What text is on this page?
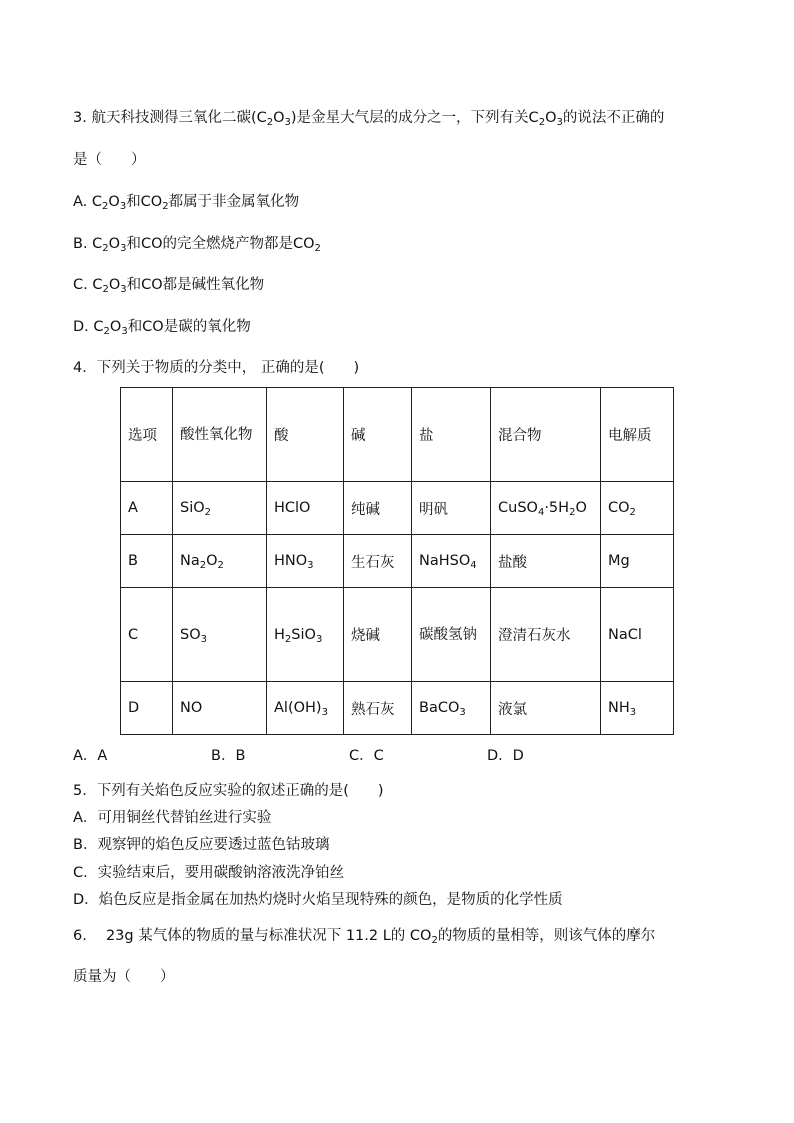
3. 航天科技测得三氧化二碳$(C_2O_3)$是金星大气层的成分之一，下列有关$C_2O_3$的说法不正确的
是（　　）
A. $C_2O_3$和$CO_2$都属于非金属氧化物
B. $C_2O_3$和CO的完全燃烧产物都是$CO_2$
C. $C_2O_3$和CO都是碱性氧化物
D. $C_2O_3$和CO是碳的氧化物
4．下列关于物质的分类中， 正确的是(　　)
选项	酸性氧化物	酸	碱	盐	混合物	电解质
A	SiO$_2$	HClO	纯碱	明矾	$CuSO_4\cdot 5H_2O$	$CO_2$
B	$Na_2O_2$	$HNO_3$	生石灰	NaHSO$_4$	盐酸	Mg
C	$SO_3$	$H_2SiO_3$	烧碱	碳酸氢钠	澄清石灰水	NaCl
D	NO	$Al(OH)_3$	熟石灰	BaCO$_3$	液氯	$NH_3$
A．A	B．B	C．C	D．D
5．下列有关焰色反应实验的叙述正确的是(　　)
A．可用铜丝代替铂丝进行实验
B．观察钾的焰色反应要透过蓝色钴玻璃
C．实验结束后，要用碳酸钠溶液洗净铂丝
D．焰色反应是指金属在加热灼烧时火焰呈现特殊的颜色，是物质的化学性质
6.　 23g 某气体的物质的量与标准状况下 11.2 L的 $CO_2$的物质的量相等，则该气体的摩尔
质量为（　　）
